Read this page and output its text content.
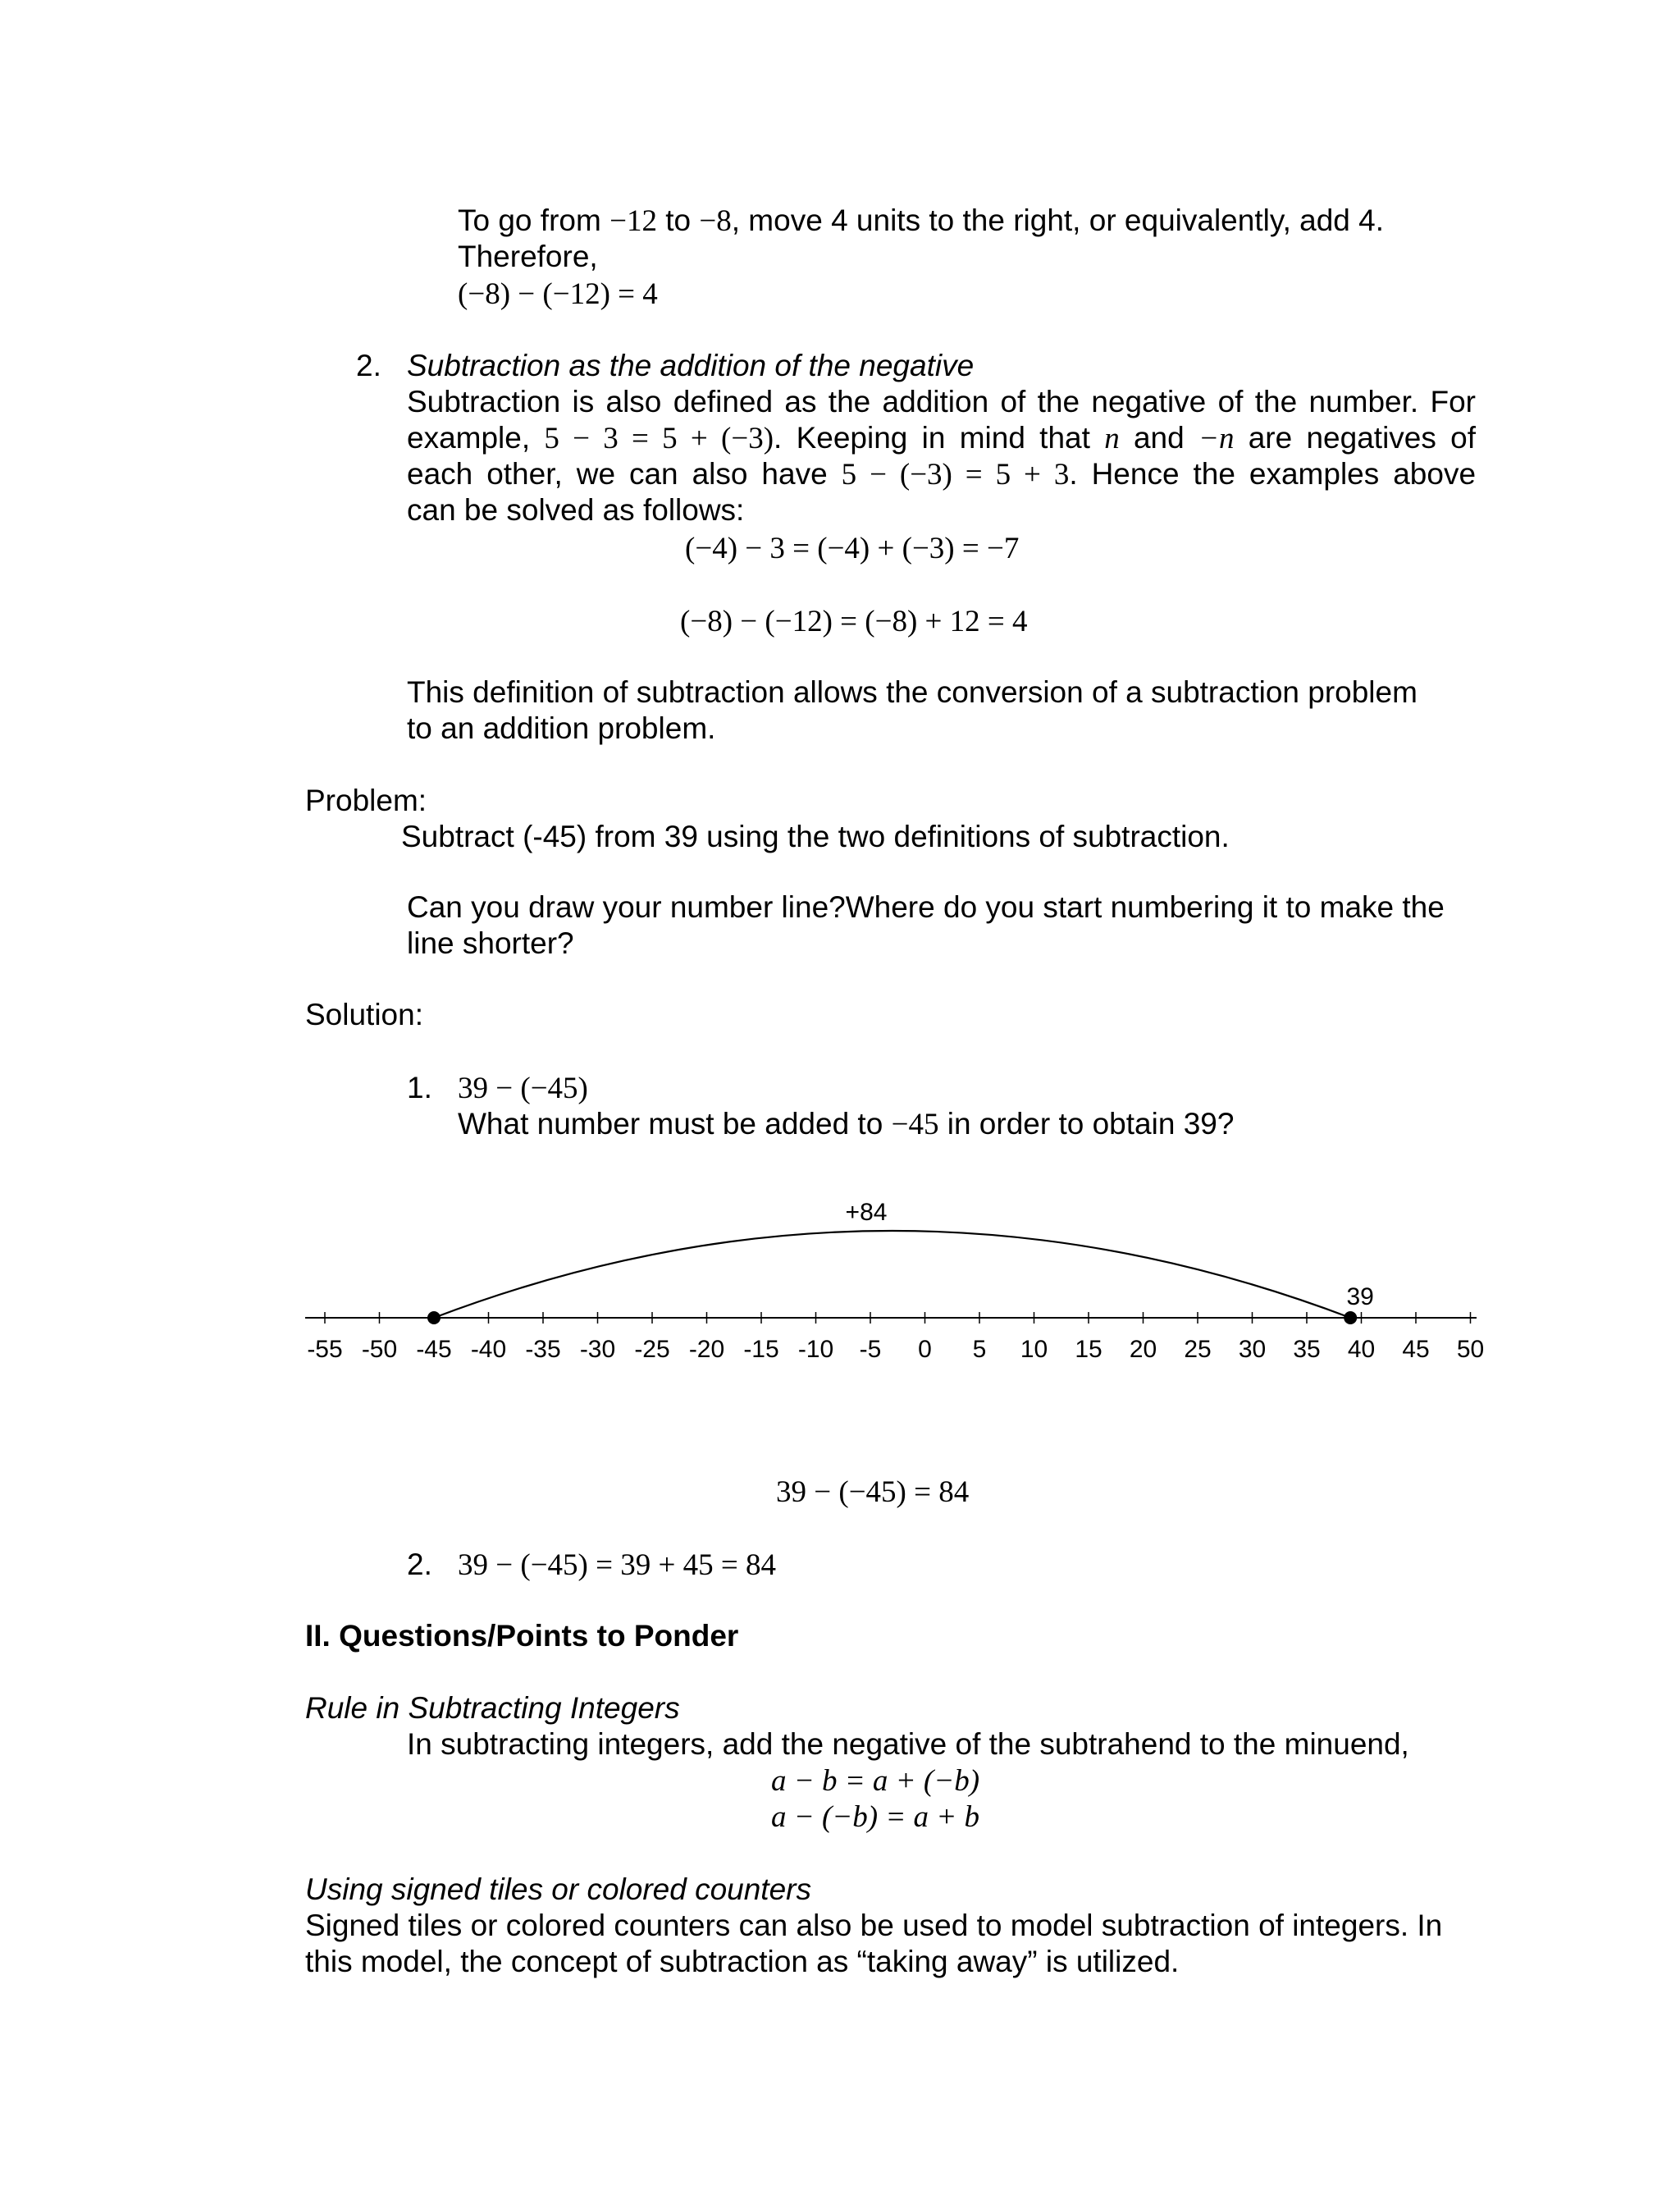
To go from −12 to −8, move 4 units to the right, or equivalently, add 4.
Therefore,
(−8) − (−12) = 4
2. Subtraction as the addition of the negative
Subtraction is also defined as the addition of the negative of the number. For
example, 5 − 3 = 5 + (−3). Keeping in mind that n and −n are negatives of
each other, we can also have 5 − (−3) = 5 + 3. Hence the examples above
can be solved as follows:
(−4) − 3 = (−4) + (−3) = −7
(−8) − (−12) = (−8) + 12 = 4
This definition of subtraction allows the conversion of a subtraction problem
to an addition problem.
Problem:
Subtract (-45) from 39 using the two definitions of subtraction.
Can you draw your number line?Where do you start numbering it to make the
line shorter?
Solution:
1. 39 − (−45)
What number must be added to −45 in order to obtain 39?
-55 -50 -45 -40 -35 -30 -25 -20 -15 -10 -5 0 5 10 15 20 25 30 35 40 45 50
+84
39
39 − (−45) = 84
2. 39 − (−45) = 39 + 45 = 84
II. Questions/Points to Ponder
Rule in Subtracting Integers
In subtracting integers, add the negative of the subtrahend to the minuend,
a − b = a + (−b)
a − (−b) = a + b
Using signed tiles or colored counters
Signed tiles or colored counters can also be used to model subtraction of integers. In
this model, the concept of subtraction as “taking away” is utilized.
